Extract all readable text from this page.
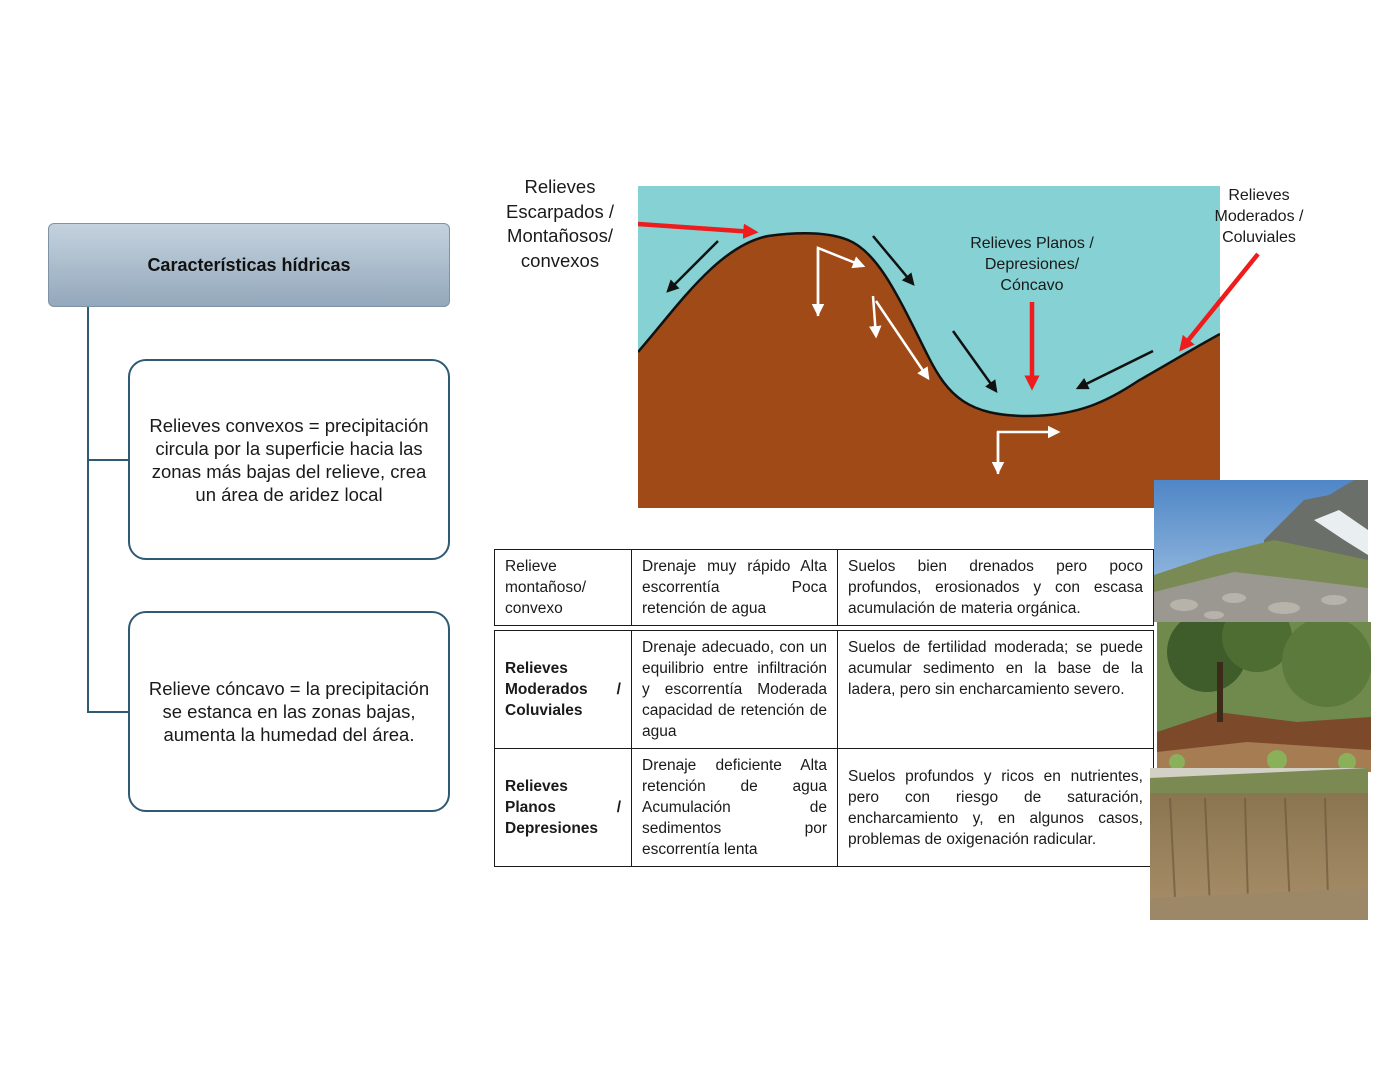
Características hídricas
Relieves convexos = precipitación circula por la superficie hacia las zonas más bajas del relieve, crea un área de aridez local
Relieve cóncavo = la precipitación se estanca en las zonas bajas, aumenta la humedad del área.
Relieves
Escarpados /
Montañosos/
convexos
Relieves Planos /
Depresiones/
Cóncavo
Relieves
Moderados /
Coluviales
Relieve montañoso/ convexo	Drenaje muy rápido Alta escorrentía Poca retención de agua	Suelos bien drenados pero poco profundos, erosionados y con escasa acumulación de materia orgánica.

Relieves Moderados / Coluviales	Drenaje adecuado, con un equilibrio entre infiltración y escorrentía Moderada capacidad de retención de agua	Suelos de fertilidad moderada; se puede acumular sedimento en la base de la ladera, pero sin encharcamiento severo.
Relieves Planos / Depresiones	Drenaje deficiente Alta retención de agua Acumulación de sedimentos por escorrentía lenta	Suelos profundos y ricos en nutrientes, pero con riesgo de saturación, encharcamiento y, en algunos casos, problemas de oxigenación radicular.
